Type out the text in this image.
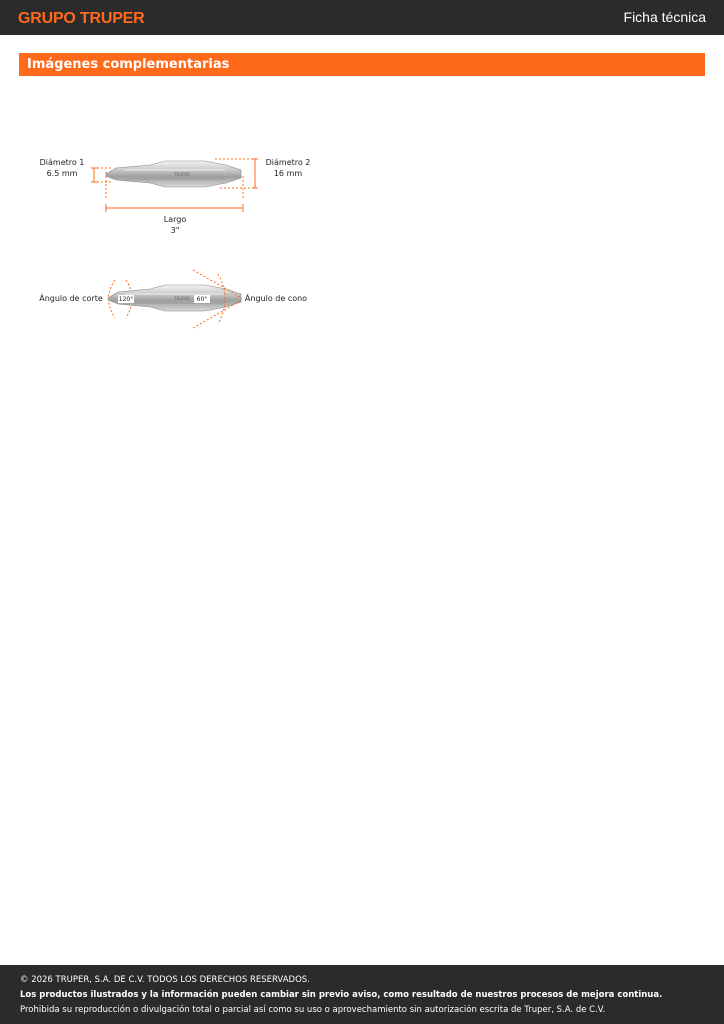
GRUPO TRUPER	Ficha técnica
Imágenes complementarias
Diámetro 1
6.5 mm	TRUPER
Diámetro 2
16 mm
Largo
3"
Ángulo de corte	TRUPER
120°	60°	Ángulo de cono
© 2026 TRUPER, S.A. DE C.V. TODOS LOS DERECHOS RESERVADOS.
Los productos ilustrados y la información pueden cambiar sin previo aviso, como resultado de nuestros procesos de mejora continua.
Prohibida su reproducción o divulgación total o parcial así como su uso o aprovechamiento sin autorización escrita de Truper, S.A. de C.V.
